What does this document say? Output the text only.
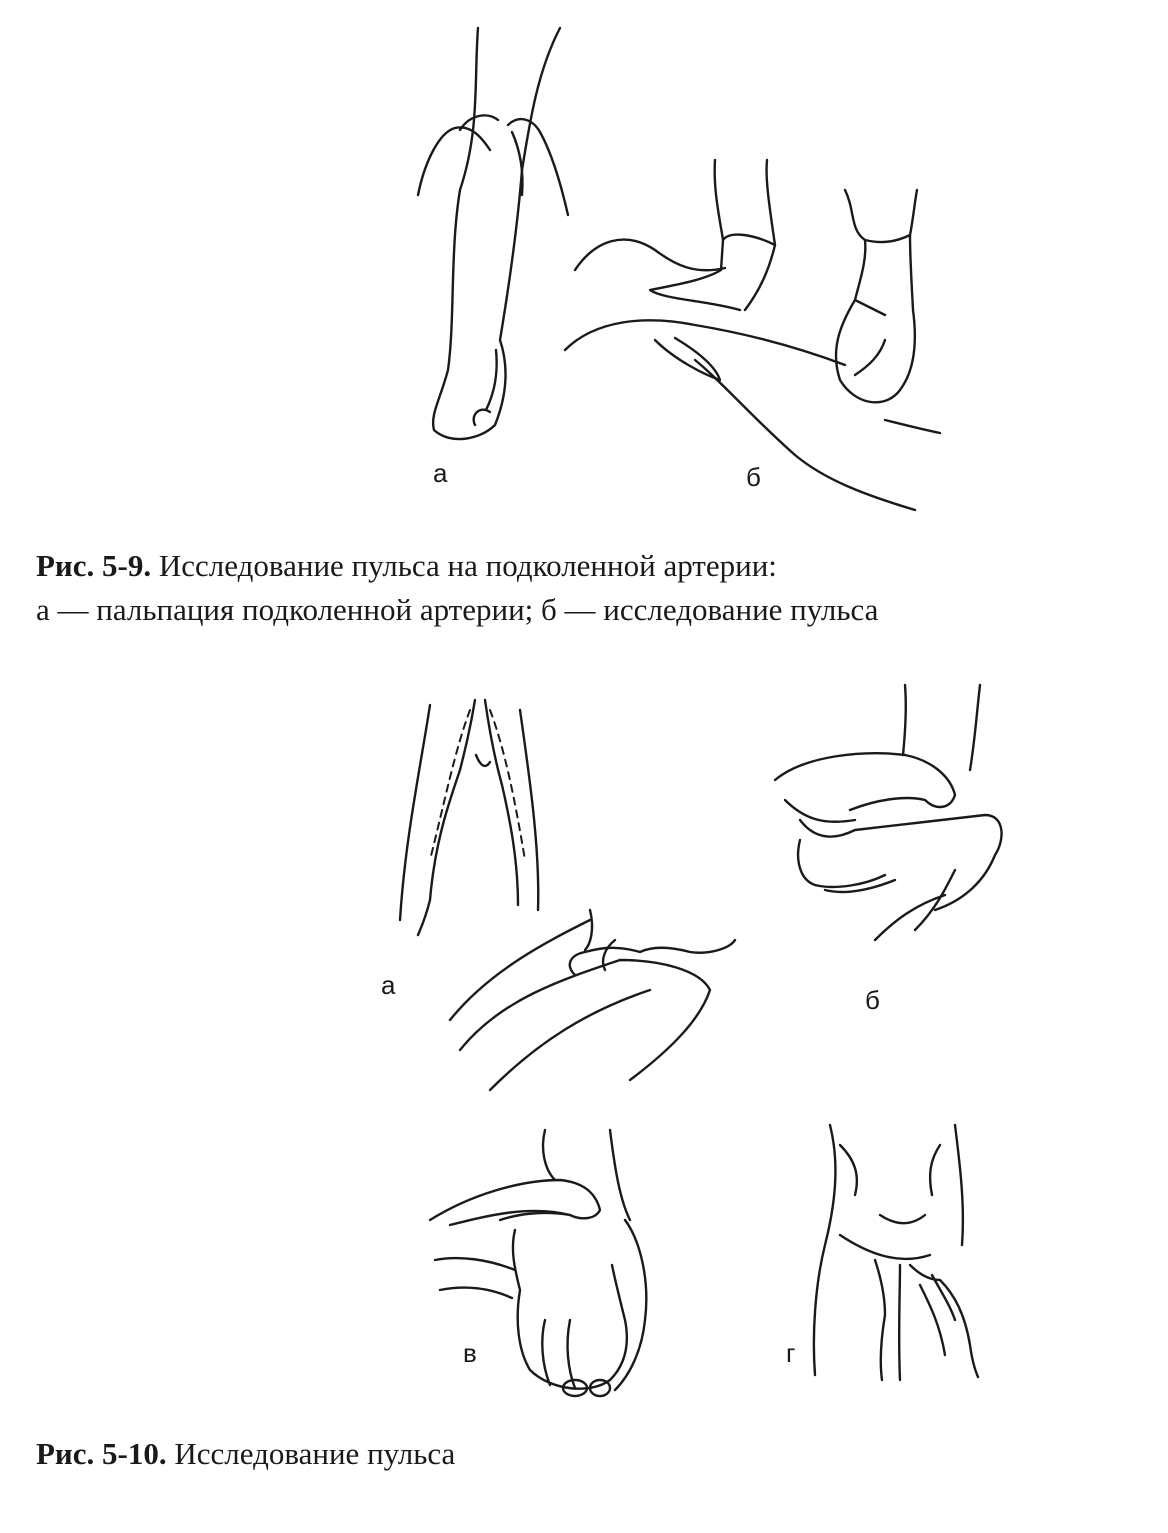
а	б
Рис. 5-9. Исследование пульса на подколенной артерии:
а — пальпация подколенной артерии; б — исследование пульса
а	б
в	г
Рис. 5-10. Исследование пульса
